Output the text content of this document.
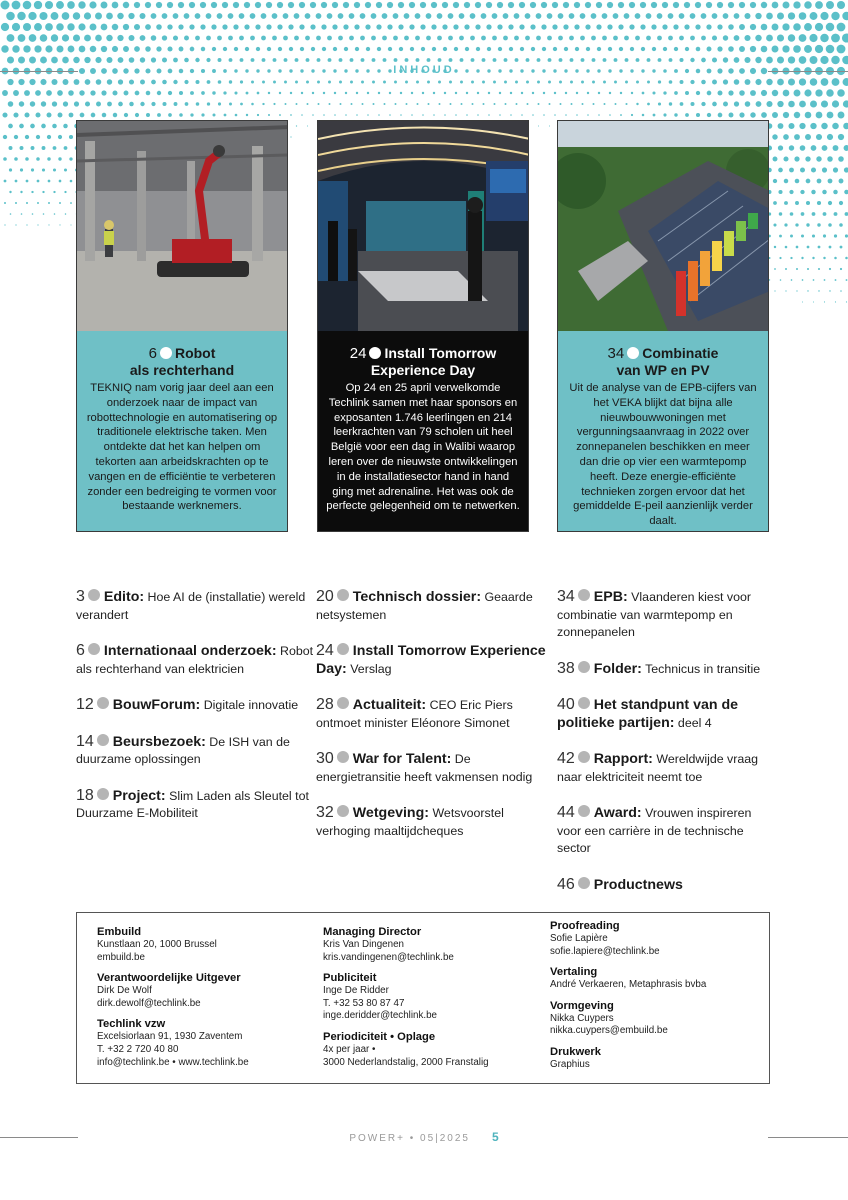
INHOUD
6 Robot
als rechterhand
TEKNIQ nam vorig jaar deel aan een onderzoek naar de impact van robottechnologie en automatisering op traditionele elektrische taken. Men ontdekte dat het kan helpen om tekorten aan arbeidskrachten op te vangen en de efficiëntie te verbeteren zonder een bedreiging te vormen voor bestaande werknemers.
24 Install Tomorrow
Experience Day
Op 24 en 25 april verwelkomde Techlink samen met haar sponsors en exposanten 1.746 leerlingen en 214 leerkrachten van 79 scholen uit heel België voor een dag in Walibi waarop leren over de nieuwste ontwikkelingen in de installatiesector hand in hand ging met adrenaline. Het was ook de perfecte gelegenheid om te netwerken.
34 Combinatie
van WP en PV
Uit de analyse van de EPB-cijfers van het VEKA blijkt dat bijna alle nieuwbouwwoningen met vergunningsaanvraag in 2022 over zonnepanelen beschikken en meer dan drie op vier een warmtepomp heeft. Deze energie-efficiënte technieken zorgen ervoor dat het gemiddelde E-peil aanzienlijk verder daalt.
3 Edito: Hoe AI de (installatie) wereld verandert
6 Internationaal onderzoek: Robot als rechterhand van elektricien
12 BouwForum: Digitale innovatie
14 Beursbezoek: De ISH van de duurzame oplossingen
18 Project: Slim Laden als Sleutel tot Duurzame E-Mobiliteit
20 Technisch dossier: Geaarde netsystemen
24 Install Tomorrow Experience Day: Verslag
28 Actualiteit: CEO Eric Piers ontmoet minister Eléonore Simonet
30 War for Talent: De energietransitie heeft vakmensen nodig
32 Wetgeving: Wetsvoorstel verhoging maaltijdcheques
34 EPB: Vlaanderen kiest voor combinatie van warmtepomp en zonnepanelen
38 Folder: Technicus in transitie
40 Het standpunt van de politieke partijen: deel 4
42 Rapport: Wereldwijde vraag naar elektriciteit neemt toe
44 Award: Vrouwen inspireren voor een carrière in de technische sector
46 Productnews
Embuild
Kunstlaan 20, 1000 Brussel
embuild.be
Verantwoordelijke Uitgever
Dirk De Wolf
dirk.dewolf@techlink.be
Techlink vzw
Excelsiorlaan 91, 1930 Zaventem
T. +32 2 720 40 80
info@techlink.be • www.techlink.be
Managing Director
Kris Van Dingenen
kris.vandingenen@techlink.be
Publiciteit
Inge De Ridder
T. +32 53 80 87 47
inge.deridder@techlink.be
Periodiciteit • Oplage
4x per jaar •
3000 Nederlandstalig, 2000 Franstalig
Proofreading
Sofie Lapière
sofie.lapiere@techlink.be
Vertaling
André Verkaeren, Metaphrasis bvba
Vormgeving
Nikka Cuypers
nikka.cuypers@embuild.be
Drukwerk
Graphius
POWER+ • 05|2025 5
